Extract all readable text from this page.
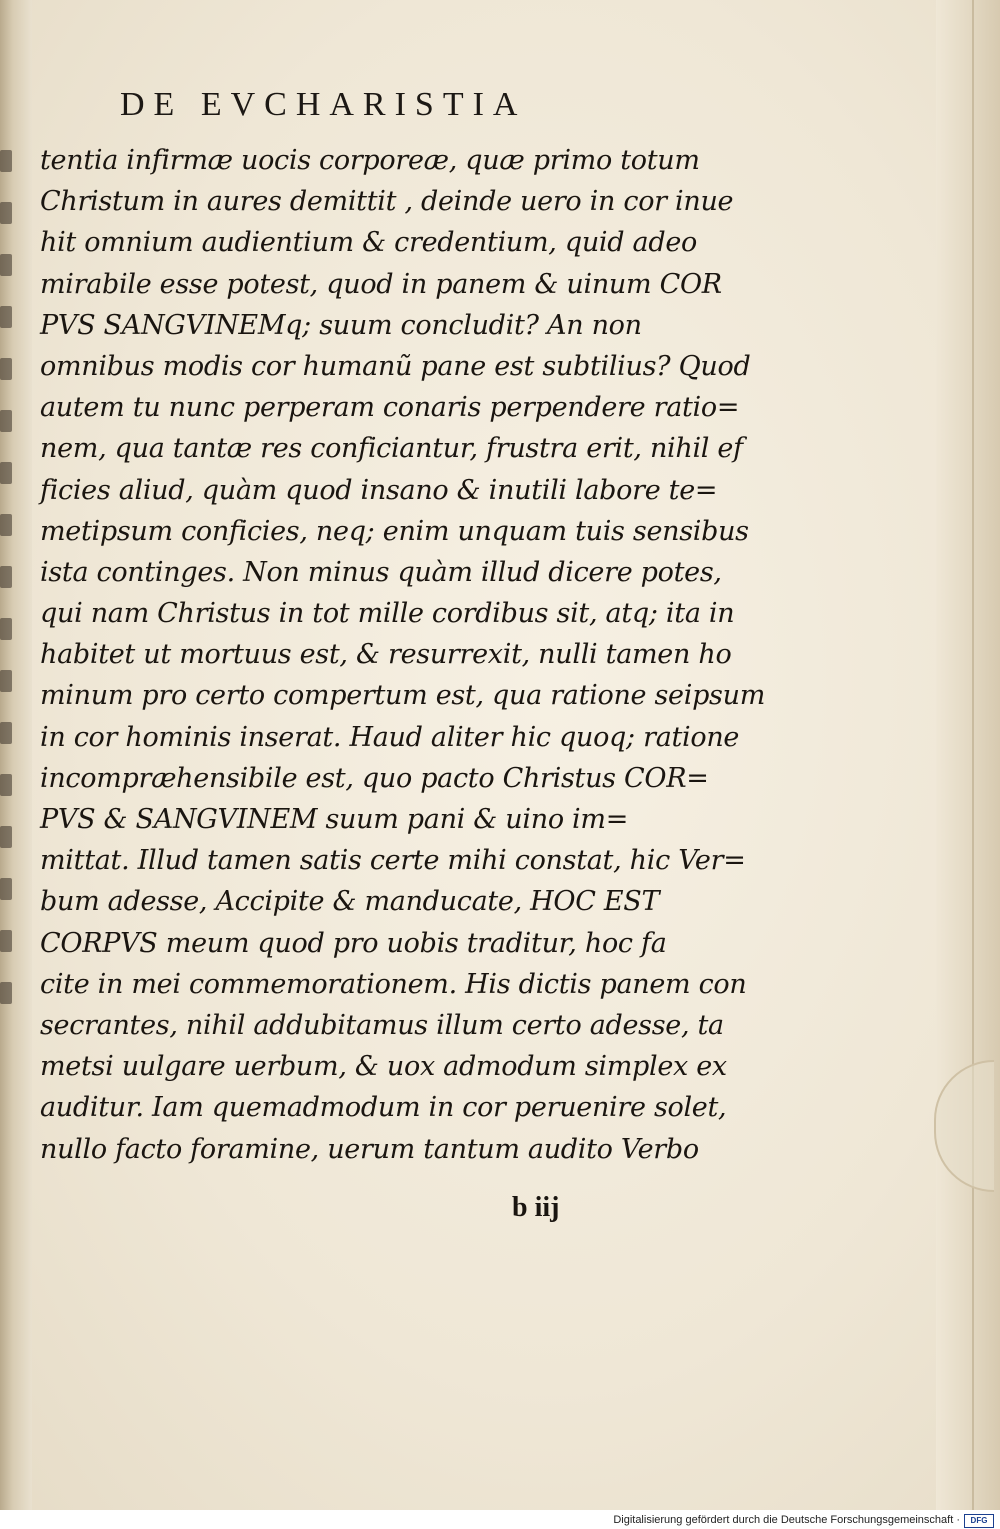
DE EVCHARISTIA
tentia infirmæ uocis corporeæ, quæ primo totum
Christum in aures demittit , deinde uero in cor inue
hit omnium audientium & credentium, quid adeo
mirabile esse potest, quod in panem & uinum COR
PVS SANGVINEMq; suum concludit? An non
omnibus modis cor humanũ pane est subtilius? Quod
autem tu nunc perperam conaris perpendere ratio=
nem, qua tantæ res conficiantur, frustra erit, nihil ef
ficies aliud, quàm quod insano & inutili labore te=
metipsum conficies, neq; enim unquam tuis sensibus
ista continges. Non minus quàm illud dicere potes,
qui nam Christus in tot mille cordibus sit, atq; ita in
habitet ut mortuus est, & resurrexit, nulli tamen ho
minum pro certo compertum est, qua ratione seipsum
in cor hominis inserat. Haud aliter hic quoq; ratione
incompræhensibile est, quo pacto Christus COR=
PVS & SANGVINEM suum pani & uino im=
mittat. Illud tamen satis certe mihi constat, hic Ver=
bum adesse, Accipite & manducate, HOC EST
CORPVS meum quod pro uobis traditur, hoc fa
cite in mei commemorationem. His dictis panem con
secrantes, nihil addubitamus illum certo adesse, ta
metsi uulgare uerbum, & uox admodum simplex ex
auditur. Iam quemadmodum in cor peruenire solet,
nullo facto foramine, uerum tantum audito Verbo
b iij
Digitalisierung gefördert durch die Deutsche Forschungsgemeinschaft ·	DFG
